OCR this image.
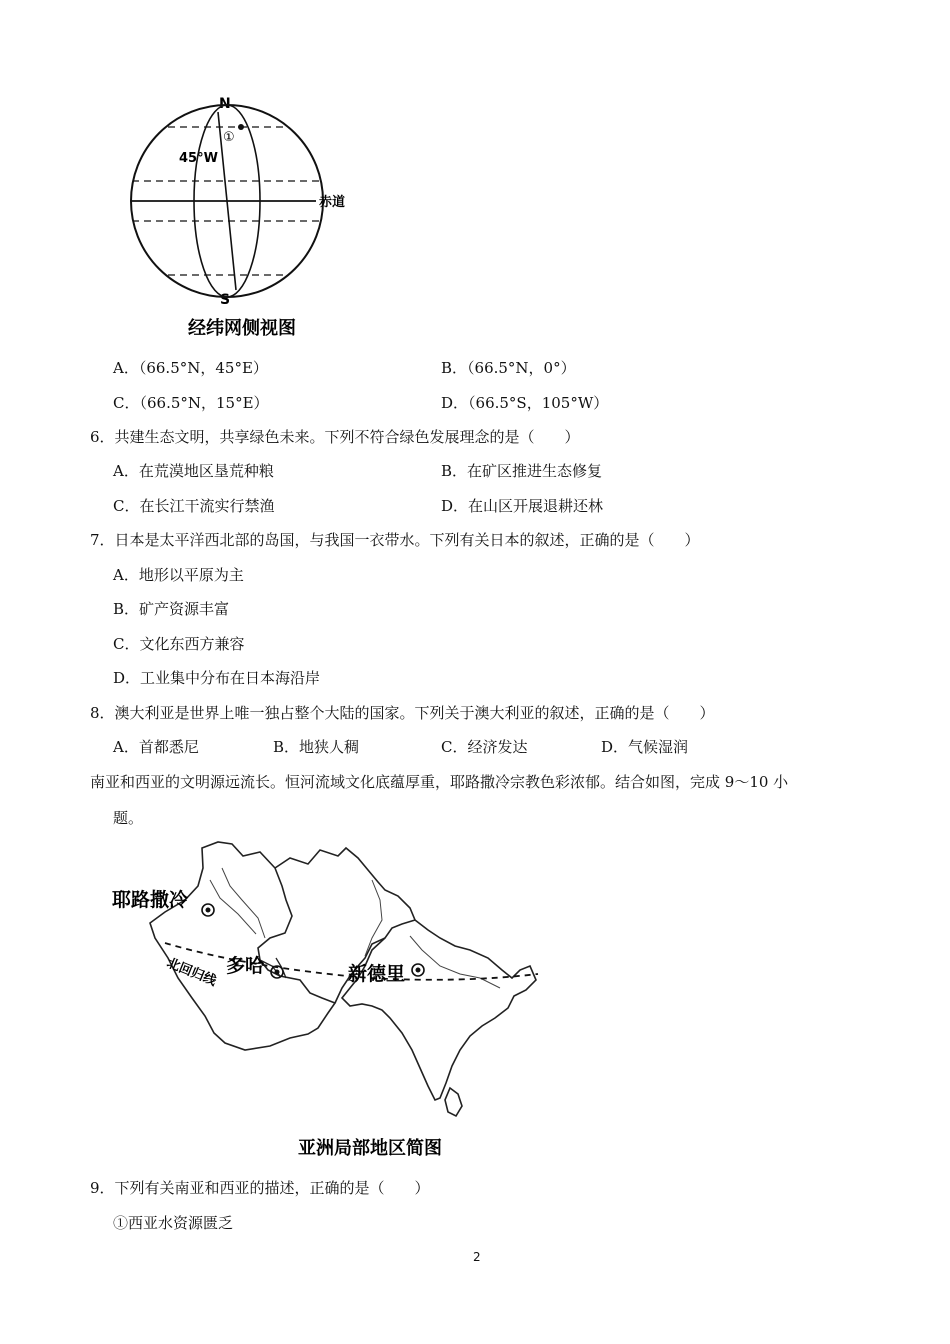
N
S
①
45°W
赤道
经纬网侧视图
A．（66.5°N，45°E）	B．（66.5°N，0°）
C．（66.5°N，15°E）	D．（66.5°S，105°W）
6．共建生态文明，共享绿色未来。下列不符合绿色发展理念的是（　　）
A．在荒漠地区垦荒种粮	B．在矿区推进生态修复
C．在长江干流实行禁渔	D．在山区开展退耕还林
7．日本是太平洋西北部的岛国，与我国一衣带水。下列有关日本的叙述，正确的是（　　）
A．地形以平原为主
B．矿产资源丰富
C．文化东西方兼容
D．工业集中分布在日本海沿岸
8．澳大利亚是世界上唯一独占整个大陆的国家。下列关于澳大利亚的叙述，正确的是（　　）
A．首都悉尼	B．地狭人稠	C．经济发达	D．气候湿润
南亚和西亚的文明源远流长。恒河流域文化底蕴厚重，耶路撒冷宗教色彩浓郁。结合如图，完成 9～10 小
题。
耶路撒冷
多哈	新德里
北回归线
亚洲局部地区简图
9．下列有关南亚和西亚的描述，正确的是（　　）
①西亚水资源匮乏
2
